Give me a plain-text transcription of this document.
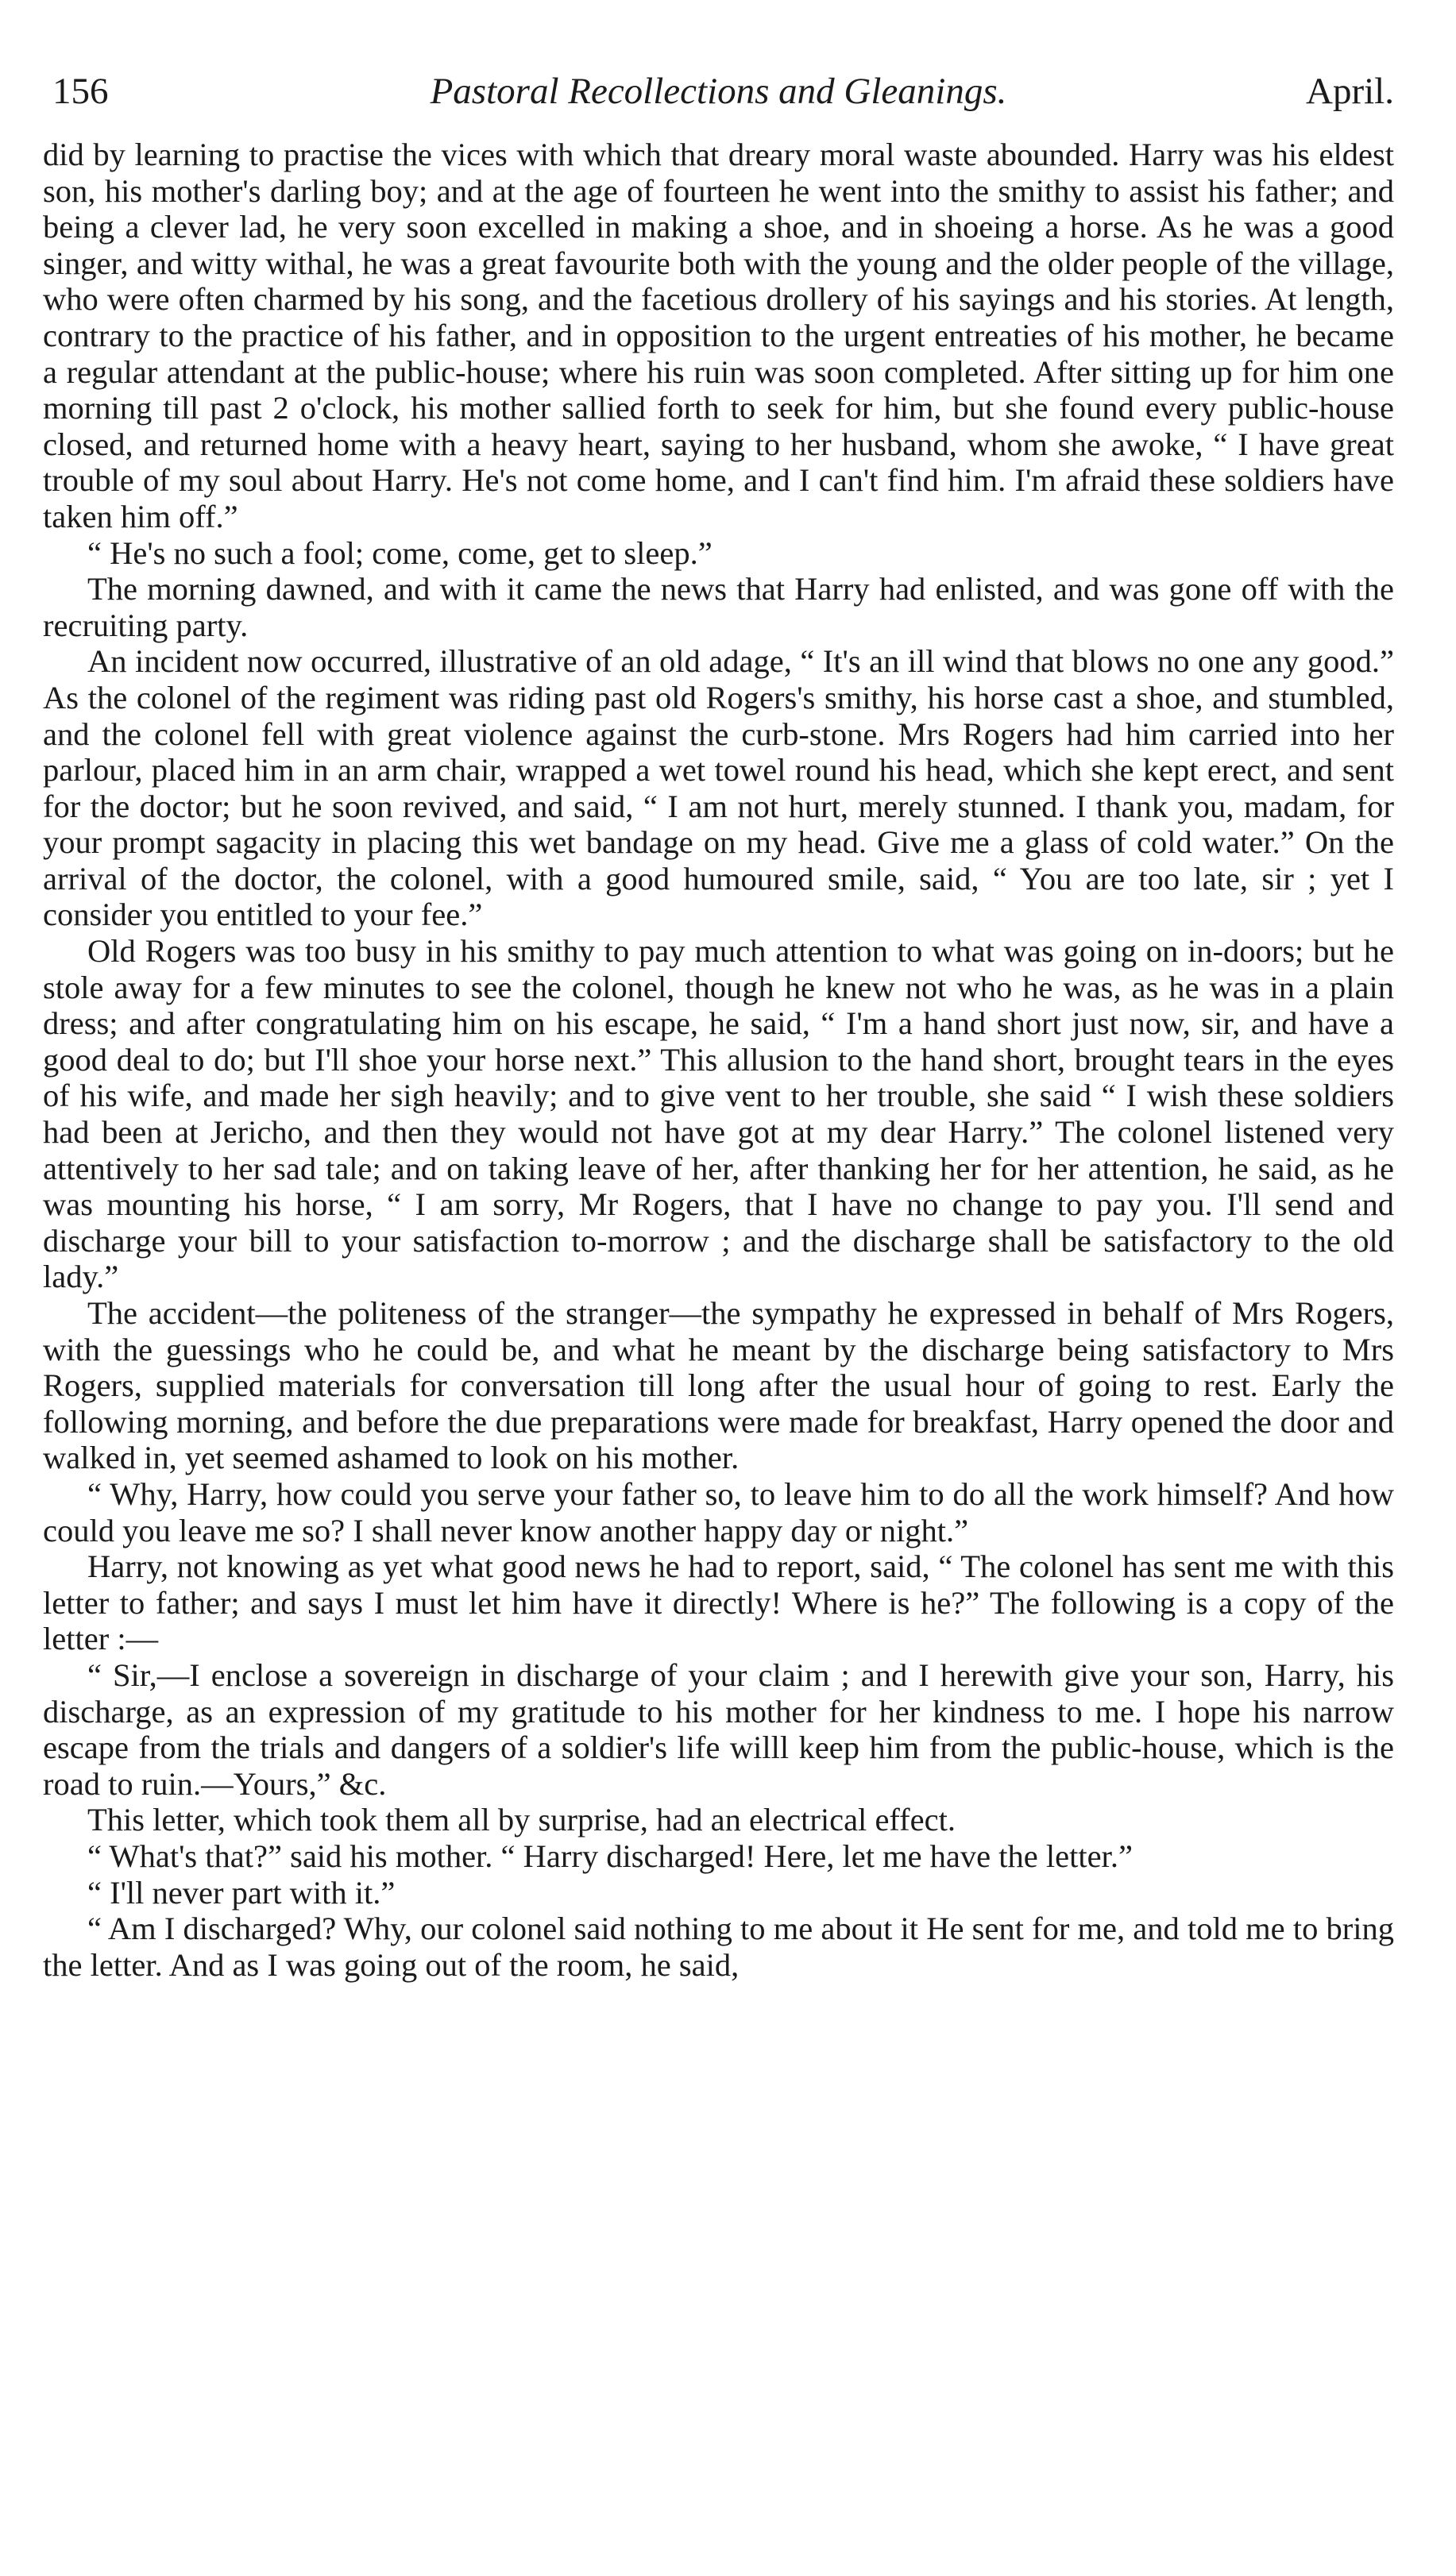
156	Pastoral Recollections and Gleanings.	April.

did by learning to practise the vices with which that dreary moral waste abounded. Harry was his eldest son, his mother's darling boy; and at the age of fourteen he went into the smithy to assist his father; and being a clever lad, he very soon excelled in making a shoe, and in shoeing a horse. As he was a good singer, and witty withal, he was a great favourite both with the young and the older people of the village, who were often charmed by his song, and the facetious drollery of his sayings and his stories. At length, contrary to the practice of his father, and in opposition to the urgent entreaties of his mother, he became a regular attendant at the public-house; where his ruin was soon completed. After sitting up for him one morning till past 2 o'clock, his mother sallied forth to seek for him, but she found every public-house closed, and returned home with a heavy heart, saying to her husband, whom she awoke, “ I have great trouble of my soul about Harry. He's not come home, and I can't find him. I'm afraid these soldiers have taken him off.”

“ He's no such a fool; come, come, get to sleep.”

The morning dawned, and with it came the news that Harry had enlisted, and was gone off with the recruiting party.

An incident now occurred, illustrative of an old adage, “ It's an ill wind that blows no one any good.” As the colonel of the regiment was riding past old Rogers's smithy, his horse cast a shoe, and stumbled, and the colonel fell with great violence against the curb-stone. Mrs Rogers had him carried into her parlour, placed him in an arm chair, wrapped a wet towel round his head, which she kept erect, and sent for the doctor; but he soon revived, and said, “ I am not hurt, merely stunned. I thank you, madam, for your prompt sagacity in placing this wet bandage on my head. Give me a glass of cold water.” On the arrival of the doctor, the colonel, with a good humoured smile, said, “ You are too late, sir ; yet I consider you entitled to your fee.”

Old Rogers was too busy in his smithy to pay much attention to what was going on in-doors; but he stole away for a few minutes to see the colonel, though he knew not who he was, as he was in a plain dress; and after congratulating him on his escape, he said, “ I'm a hand short just now, sir, and have a good deal to do; but I'll shoe your horse next.” This allusion to the hand short, brought tears in the eyes of his wife, and made her sigh heavily; and to give vent to her trouble, she said “ I wish these soldiers had been at Jericho, and then they would not have got at my dear Harry.” The colonel listened very attentively to her sad tale; and on taking leave of her, after thanking her for her attention, he said, as he was mounting his horse, “ I am sorry, Mr Rogers, that I have no change to pay you. I'll send and discharge your bill to your satisfaction to-morrow ; and the discharge shall be satisfactory to the old lady.”

The accident—the politeness of the stranger—the sympathy he expressed in behalf of Mrs Rogers, with the guessings who he could be, and what he meant by the discharge being satisfactory to Mrs Rogers, supplied materials for conversation till long after the usual hour of going to rest. Early the following morning, and before the due preparations were made for breakfast, Harry opened the door and walked in, yet seemed ashamed to look on his mother.

“ Why, Harry, how could you serve your father so, to leave him to do all the work himself? And how could you leave me so? I shall never know another happy day or night.”

Harry, not knowing as yet what good news he had to report, said, “ The colonel has sent me with this letter to father; and says I must let him have it directly! Where is he?” The following is a copy of the letter :—

“ Sir,—I enclose a sovereign in discharge of your claim ; and I herewith give your son, Harry, his discharge, as an expression of my gratitude to his mother for her kindness to me. I hope his narrow escape from the trials and dangers of a soldier's life willl keep him from the public-house, which is the road to ruin.—Yours,” &c.

This letter, which took them all by surprise, had an electrical effect.

“ What's that?” said his mother. “ Harry discharged! Here, let me have the letter.”

“ I'll never part with it.”

“ Am I discharged? Why, our colonel said nothing to me about it He sent for me, and told me to bring the letter. And as I was going out of the room, he said,
